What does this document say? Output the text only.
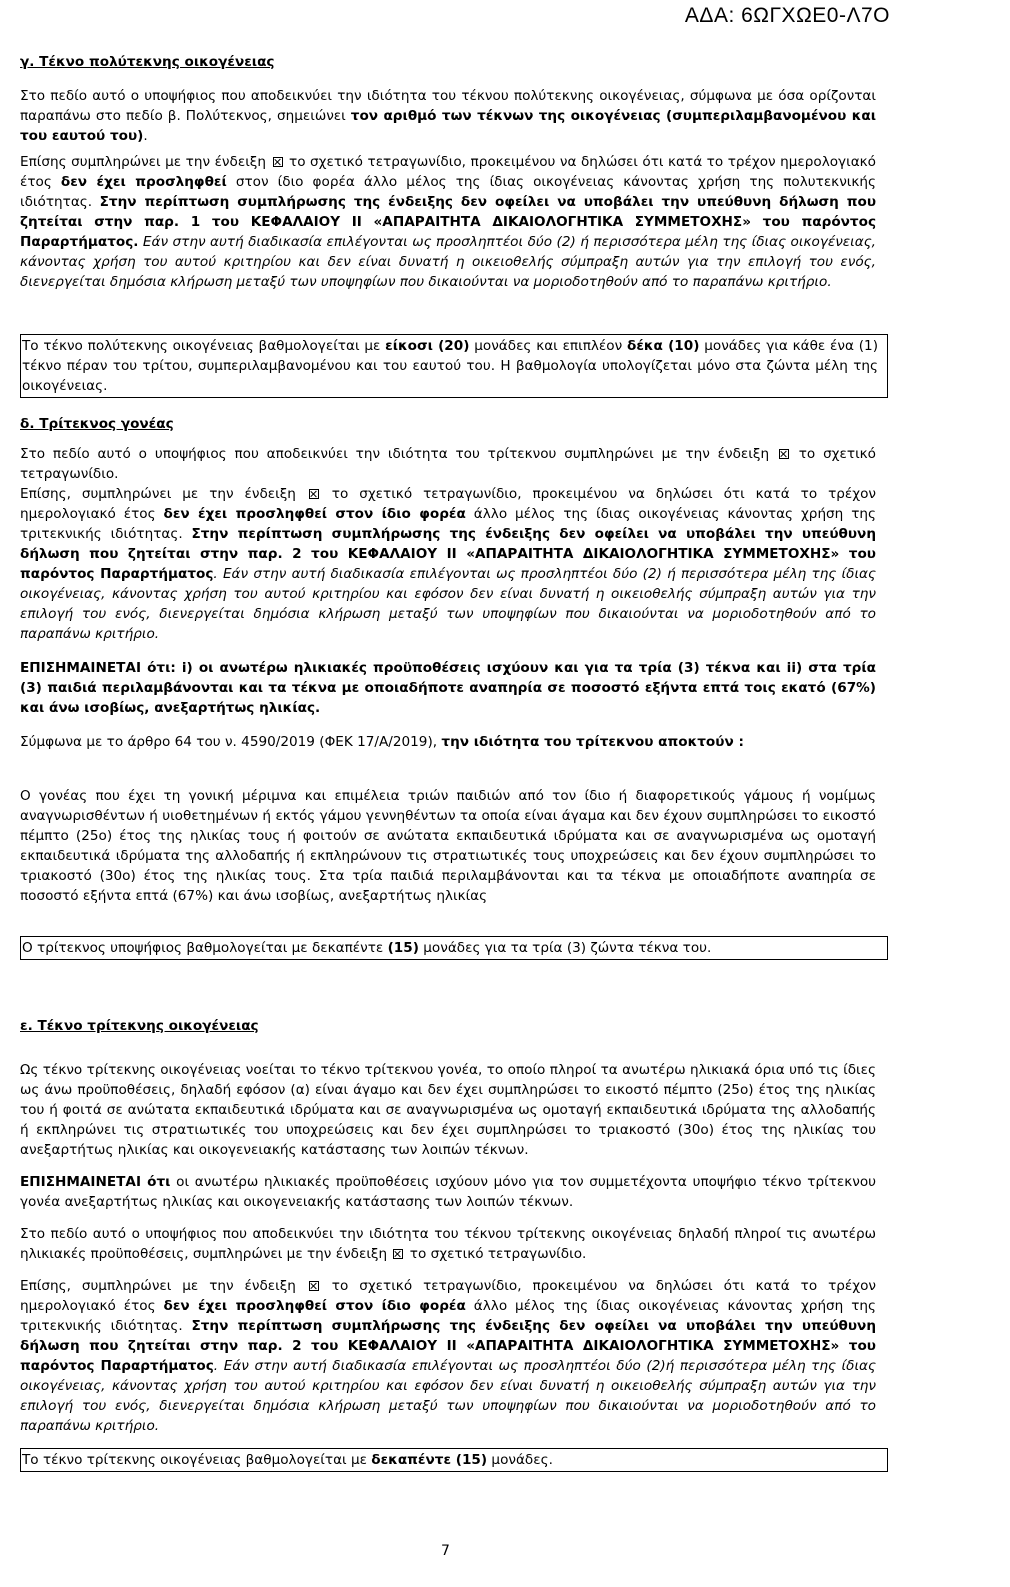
ΑΔΑ: 6ΩΓΧΩΕ0-Λ7Ο

γ. Τέκνο πολύτεκνης οικογένειας

Στο πεδίο αυτό ο υποψήφιος που αποδεικνύει την ιδιότητα του τέκνου πολύτεκνης οικογένειας, σύμφωνα με όσα ορίζονται παραπάνω στο πεδίο β. Πολύτεκνος, σημειώνει τον αριθμό των τέκνων της οικογένειας (συμπεριλαμβανομένου και του εαυτού του).

Επίσης συμπληρώνει με την ένδειξη  το σχετικό τετραγωνίδιο, προκειμένου να δηλώσει ότι κατά το τρέχον ημερολογιακό έτος δεν έχει προσληφθεί στον ίδιο φορέα άλλο μέλος της ίδιας οικογένειας κάνοντας χρήση της πολυτεκνικής ιδιότητας. Στην περίπτωση συμπλήρωσης της ένδειξης δεν οφείλει να υποβάλει την υπεύθυνη δήλωση που ζητείται στην παρ. 1 του ΚΕΦΑΛΑΙΟΥ ΙΙ «ΑΠΑΡΑΙΤΗΤΑ ΔΙΚΑΙΟΛΟΓΗΤΙΚΑ ΣΥΜΜΕΤΟΧΗΣ» του παρόντος Παραρτήματος. Εάν στην αυτή διαδικασία επιλέγονται ως προσληπτέοι δύο (2) ή περισσότερα μέλη της ίδιας οικογένειας, κάνοντας χρήση του αυτού κριτηρίου και δεν είναι δυνατή η οικειοθελής σύμπραξη αυτών για την επιλογή του ενός, διενεργείται δημόσια κλήρωση μεταξύ των υποψηφίων που δικαιούνται να μοριοδοτηθούν από το παραπάνω κριτήριο.

Το τέκνο πολύτεκνης οικογένειας βαθμολογείται με είκοσι (20) μονάδες και επιπλέον δέκα (10) μονάδες για κάθε ένα (1) τέκνο πέραν του τρίτου, συμπεριλαμβανομένου και του εαυτού του. Η βαθμολογία υπολογίζεται μόνο στα ζώντα μέλη της οικογένειας.

δ. Τρίτεκνος γονέας

Στο πεδίο αυτό ο υποψήφιος που αποδεικνύει την ιδιότητα του τρίτεκνου συμπληρώνει με την ένδειξη  το σχετικό τετραγωνίδιο.

Επίσης, συμπληρώνει με την ένδειξη  το σχετικό τετραγωνίδιο, προκειμένου να δηλώσει ότι κατά το τρέχον ημερολογιακό έτος δεν έχει προσληφθεί στον ίδιο φορέα άλλο μέλος της ίδιας οικογένειας κάνοντας χρήση της τριτεκνικής ιδιότητας. Στην περίπτωση συμπλήρωσης της ένδειξης δεν οφείλει να υποβάλει την υπεύθυνη δήλωση που ζητείται στην παρ. 2 του ΚΕΦΑΛΑΙΟΥ ΙΙ «ΑΠΑΡΑΙΤΗΤΑ ΔΙΚΑΙΟΛΟΓΗΤΙΚΑ ΣΥΜΜΕΤΟΧΗΣ» του παρόντος Παραρτήματος. Εάν στην αυτή διαδικασία επιλέγονται ως προσληπτέοι δύο (2) ή περισσότερα μέλη της ίδιας οικογένειας, κάνοντας χρήση του αυτού κριτηρίου και εφόσον δεν είναι δυνατή η οικειοθελής σύμπραξη αυτών για την επιλογή του ενός, διενεργείται δημόσια κλήρωση μεταξύ των υποψηφίων που δικαιούνται να μοριοδοτηθούν από το παραπάνω κριτήριο.

ΕΠΙΣΗΜΑΙΝΕΤΑΙ ότι: i) οι ανωτέρω ηλικιακές προϋποθέσεις ισχύουν και για τα τρία (3) τέκνα και ii) στα τρία (3) παιδιά περιλαμβάνονται και τα τέκνα με οποιαδήποτε αναπηρία σε ποσοστό εξήντα επτά τοις εκατό (67%) και άνω ισοβίως, ανεξαρτήτως ηλικίας.

Σύμφωνα με το άρθρο 64 του ν. 4590/2019 (ΦΕΚ 17/Α/2019), την ιδιότητα του τρίτεκνου αποκτούν :

Ο γονέας που έχει τη γονική μέριμνα και επιμέλεια τριών παιδιών από τον ίδιο ή διαφορετικούς γάμους ή νομίμως αναγνωρισθέντων ή υιοθετημένων ή εκτός γάμου γεννηθέντων τα οποία είναι άγαμα και δεν έχουν συμπληρώσει το εικοστό πέμπτο (25ο) έτος της ηλικίας τους ή φοιτούν σε ανώτατα εκπαιδευτικά ιδρύματα και σε αναγνωρισμένα ως ομοταγή εκπαιδευτικά ιδρύματα της αλλοδαπής ή εκπληρώνουν τις στρατιωτικές τους υποχρεώσεις και δεν έχουν συμπληρώσει το τριακοστό (30ο) έτος της ηλικίας τους. Στα τρία παιδιά περιλαμβάνονται και τα τέκνα με οποιαδήποτε αναπηρία σε ποσοστό εξήντα επτά (67%) και άνω ισοβίως, ανεξαρτήτως ηλικίας

Ο τρίτεκνος υποψήφιος βαθμολογείται με δεκαπέντε (15) μονάδες για τα τρία (3) ζώντα τέκνα του.

ε. Τέκνο τρίτεκνης οικογένειας

Ως τέκνο τρίτεκνης οικογένειας νοείται το τέκνο τρίτεκνου γονέα, το οποίο πληροί τα ανωτέρω ηλικιακά όρια υπό τις ίδιες ως άνω προϋποθέσεις, δηλαδή εφόσον (α) είναι άγαμο και δεν έχει συμπληρώσει το εικοστό πέμπτο (25ο) έτος της ηλικίας του ή φοιτά σε ανώτατα εκπαιδευτικά ιδρύματα και σε αναγνωρισμένα ως ομοταγή εκπαιδευτικά ιδρύματα της αλλοδαπής ή εκπληρώνει τις στρατιωτικές του υποχρεώσεις και δεν έχει συμπληρώσει το τριακοστό (30ο) έτος της ηλικίας του ανεξαρτήτως ηλικίας και οικογενειακής κατάστασης των λοιπών τέκνων.

ΕΠΙΣΗΜΑΙΝΕΤΑΙ ότι οι ανωτέρω ηλικιακές προϋποθέσεις ισχύουν μόνο για τον συμμετέχοντα υποψήφιο τέκνο τρίτεκνου γονέα ανεξαρτήτως ηλικίας και οικογενειακής κατάστασης των λοιπών τέκνων.

Στο πεδίο αυτό ο υποψήφιος που αποδεικνύει την ιδιότητα του τέκνου τρίτεκνης οικογένειας δηλαδή πληροί τις ανωτέρω ηλικιακές προϋποθέσεις, συμπληρώνει με την ένδειξη  το σχετικό τετραγωνίδιο.

Επίσης, συμπληρώνει με την ένδειξη  το σχετικό τετραγωνίδιο, προκειμένου να δηλώσει ότι κατά το τρέχον ημερολογιακό έτος δεν έχει προσληφθεί στον ίδιο φορέα άλλο μέλος της ίδιας οικογένειας κάνοντας χρήση της τριτεκνικής ιδιότητας. Στην περίπτωση συμπλήρωσης της ένδειξης δεν οφείλει να υποβάλει την υπεύθυνη δήλωση που ζητείται στην παρ. 2 του ΚΕΦΑΛΑΙΟΥ ΙΙ «ΑΠΑΡΑΙΤΗΤΑ ΔΙΚΑΙΟΛΟΓΗΤΙΚΑ ΣΥΜΜΕΤΟΧΗΣ» του παρόντος Παραρτήματος. Εάν στην αυτή διαδικασία επιλέγονται ως προσληπτέοι δύο (2)ή περισσότερα μέλη της ίδιας οικογένειας, κάνοντας χρήση του αυτού κριτηρίου και εφόσον δεν είναι δυνατή η οικειοθελής σύμπραξη αυτών για την επιλογή του ενός, διενεργείται δημόσια κλήρωση μεταξύ των υποψηφίων που δικαιούνται να μοριοδοτηθούν από το παραπάνω κριτήριο.

Το τέκνο τρίτεκνης οικογένειας βαθμολογείται με δεκαπέντε (15) μονάδες.

7
